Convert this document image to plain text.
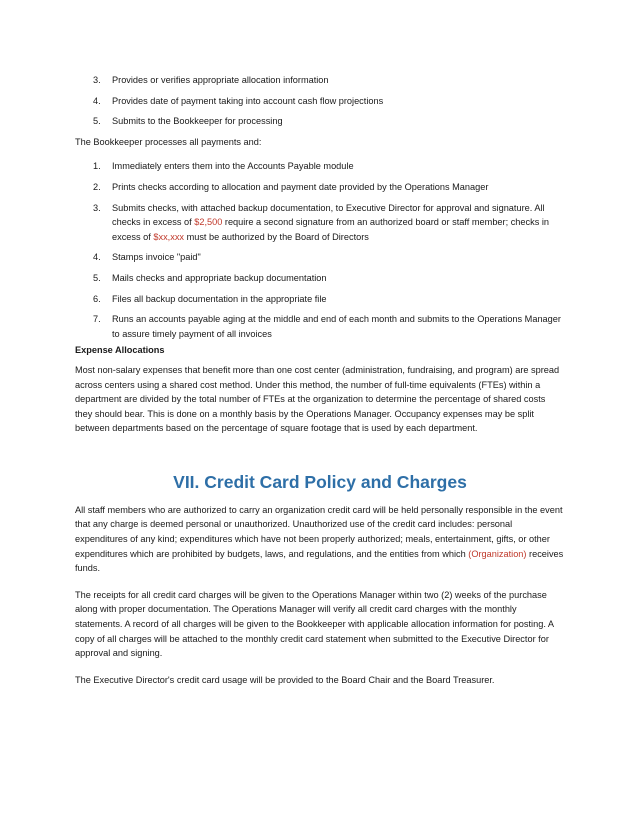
3. Provides or verifies appropriate allocation information
4. Provides date of payment taking into account cash flow projections
5. Submits to the Bookkeeper for processing

The Bookkeeper processes all payments and:

1. Immediately enters them into the Accounts Payable module
2. Prints checks according to allocation and payment date provided by the Operations Manager
3. Submits checks, with attached backup documentation, to Executive Director for approval and signature. All checks in excess of $2,500 require a second signature from an authorized board or staff member; checks in excess of $xx,xxx must be authorized by the Board of Directors
4. Stamps invoice "paid"
5. Mails checks and appropriate backup documentation
6. Files all backup documentation in the appropriate file
7. Runs an accounts payable aging at the middle and end of each month and submits to the Operations Manager to assure timely payment of all invoices

Expense Allocations

Most non-salary expenses that benefit more than one cost center (administration, fundraising, and program) are spread across centers using a shared cost method. Under this method, the number of full-time equivalents (FTEs) within a department are divided by the total number of FTEs at the organization to determine the percentage of shared costs they should bear. This is done on a monthly basis by the Operations Manager. Occupancy expenses may be split between departments based on the percentage of square footage that is used by each department.

VII. Credit Card Policy and Charges

All staff members who are authorized to carry an organization credit card will be held personally responsible in the event that any charge is deemed personal or unauthorized. Unauthorized use of the credit card includes: personal expenditures of any kind; expenditures which have not been properly authorized; meals, entertainment, gifts, or other expenditures which are prohibited by budgets, laws, and regulations, and the entities from which (Organization) receives funds.

The receipts for all credit card charges will be given to the Operations Manager within two (2) weeks of the purchase along with proper documentation. The Operations Manager will verify all credit card charges with the monthly statements. A record of all charges will be given to the Bookkeeper with applicable allocation information for posting. A copy of all charges will be attached to the monthly credit card statement when submitted to the Executive Director for approval and signing.

The Executive Director's credit card usage will be provided to the Board Chair and the Board Treasurer.
